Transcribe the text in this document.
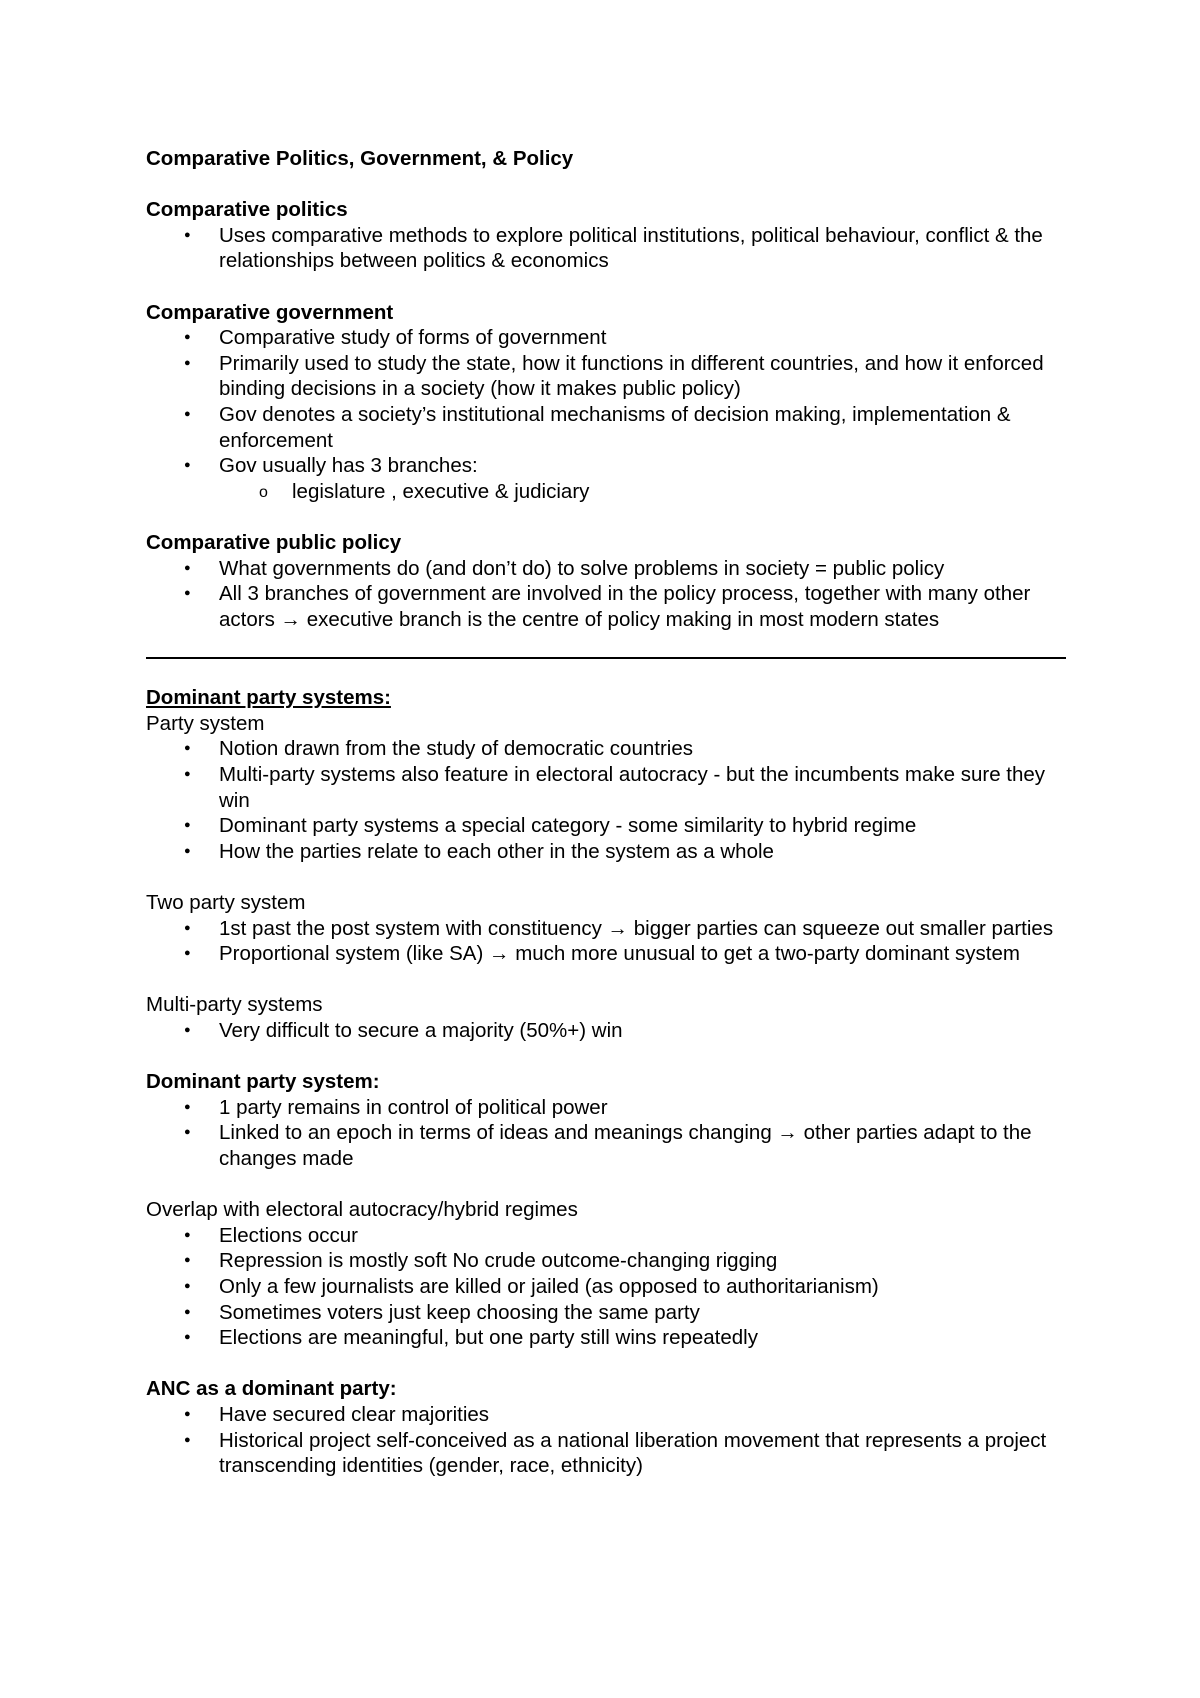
Comparative Politics, Government, & Policy

Comparative politics

● Uses comparative methods to explore political institutions, political behaviour, conflict & the relationships between politics & economics

Comparative government

● Comparative study of forms of government
● Primarily used to study the state, how it functions in different countries, and how it enforced binding decisions in a society (how it makes public policy)
● Gov denotes a society’s institutional mechanisms of decision making, implementation & enforcement
● Gov usually has 3 branches:
o legislature , executive & judiciary

Comparative public policy

● What governments do (and don’t do) to solve problems in society = public policy
● All 3 branches of government are involved in the policy process, together with many other actors → executive branch is the centre of policy making in most modern states

Dominant party systems:

Party system

● Notion drawn from the study of democratic countries
● Multi-party systems also feature in electoral autocracy - but the incumbents make sure they win
● Dominant party systems a special category - some similarity to hybrid regime
● How the parties relate to each other in the system as a whole

Two party system

● 1st past the post system with constituency → bigger parties can squeeze out smaller parties
● Proportional system (like SA) → much more unusual to get a two-party dominant system

Multi-party systems

● Very difficult to secure a majority (50%+) win

Dominant party system:

● 1 party remains in control of political power
● Linked to an epoch in terms of ideas and meanings changing → other parties adapt to the changes made

Overlap with electoral autocracy/hybrid regimes

● Elections occur
● Repression is mostly soft No crude outcome-changing rigging
● Only a few journalists are killed or jailed (as opposed to authoritarianism)
● Sometimes voters just keep choosing the same party
● Elections are meaningful, but one party still wins repeatedly

ANC as a dominant party:

● Have secured clear majorities
● Historical project self-conceived as a national liberation movement that represents a project transcending identities (gender, race, ethnicity)
